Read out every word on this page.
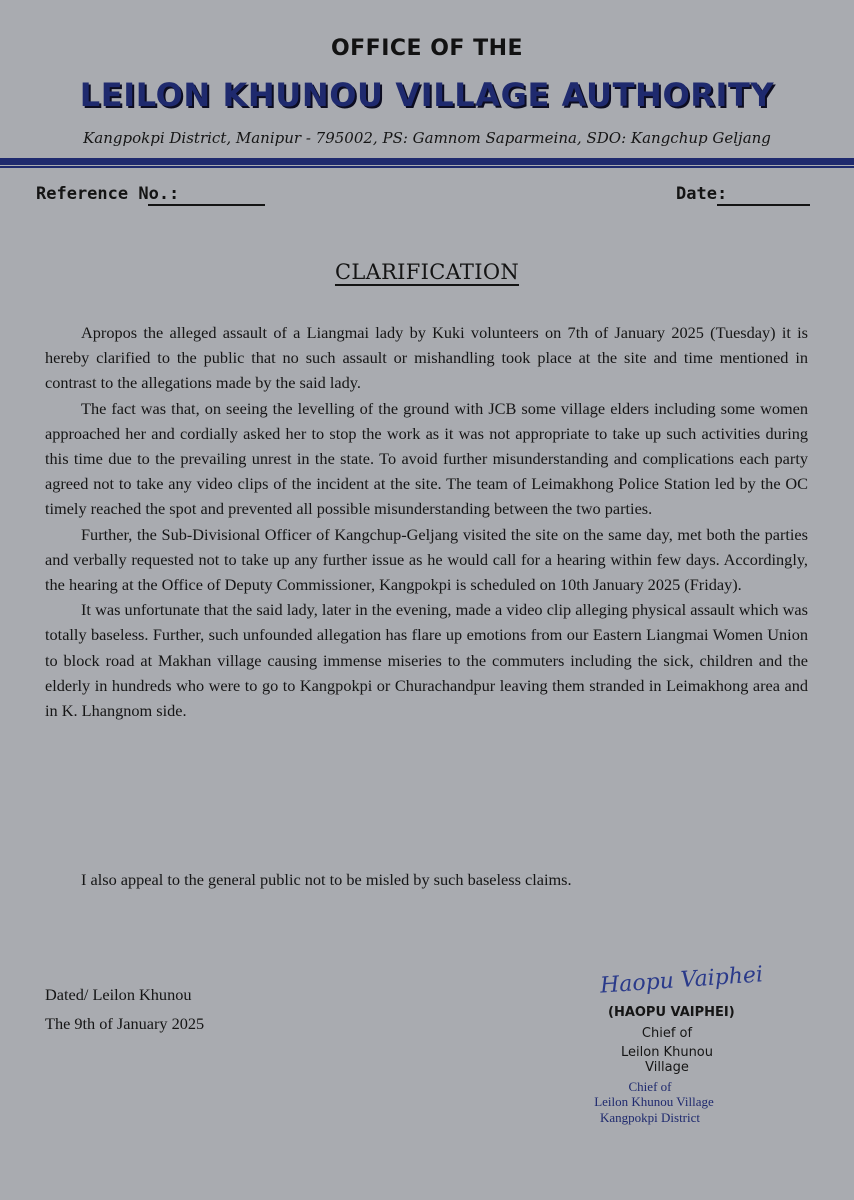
OFFICE OF THE
LEILON KHUNOU VILLAGE AUTHORITY
Kangpokpi District, Manipur - 795002, PS: Gamnom Saparmeina, SDO: Kangchup Geljang
Reference No.:	Date:
CLARIFICATION

Apropos the alleged assault of a Liangmai lady by Kuki volunteers on 7th of January 2025 (Tuesday) it is hereby clarified to the public that no such assault or mishandling took place at the site and time mentioned in contrast to the allegations made by the said lady.

The fact was that, on seeing the levelling of the ground with JCB some village elders including some women approached her and cordially asked her to stop the work as it was not appropriate to take up such activities during this time due to the prevailing unrest in the state. To avoid further misunderstanding and complications each party agreed not to take any video clips of the incident at the site. The team of Leimakhong Police Station led by the OC timely reached the spot and prevented all possible misunderstanding between the two parties.

Further, the Sub-Divisional Officer of Kangchup-Geljang visited the site on the same day, met both the parties and verbally requested not to take up any further issue as he would call for a hearing within few days. Accordingly, the hearing at the Office of Deputy Commissioner, Kangpokpi is scheduled on 10th January 2025 (Friday).

It was unfortunate that the said lady, later in the evening, made a video clip alleging physical assault which was totally baseless. Further, such unfounded allegation has flare up emotions from our Eastern Liangmai Women Union to block road at Makhan village causing immense miseries to the commuters including the sick, children and the elderly in hundreds who were to go to Kangpokpi or Churachandpur leaving them stranded in Leimakhong area and in K. Lhangnom side.

I also appeal to the general public not to be misled by such baseless claims.
Dated/ Leilon Khunou
The 9th of January 2025
Haopu Vaiphei
(HAOPU VAIPHEI)
Chief of
Leilon Khunou Village
Chief of
Leilon Khunou Village
Kangpokpi District
